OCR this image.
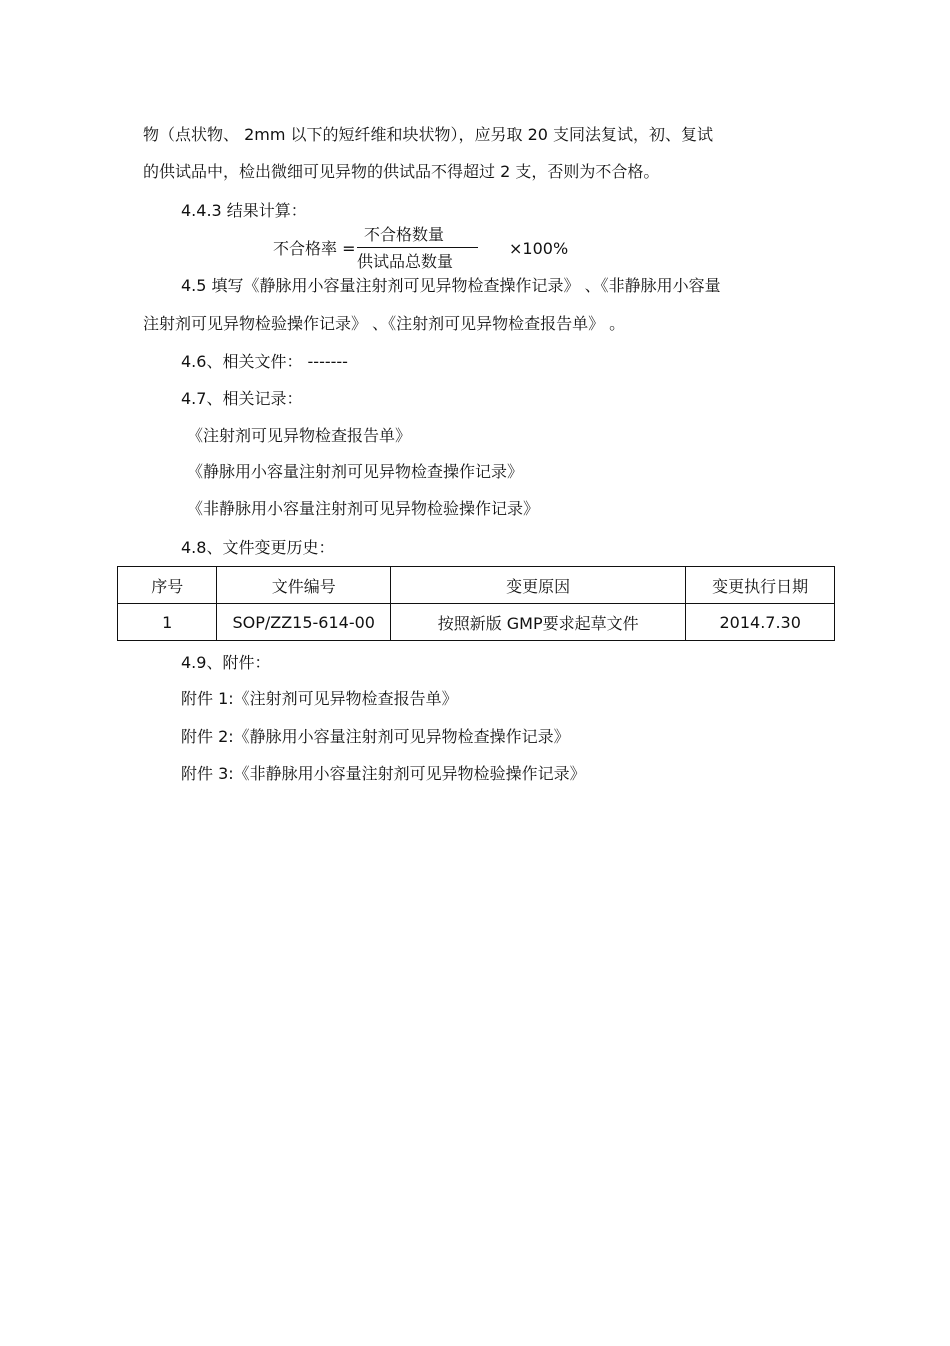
物（点状物、 2mm 以下的短纤维和块状物），应另取 20 支同法复试，初、复试
的供试品中，检出微细可见异物的供试品不得超过 2 支，否则为不合格。
4.4.3 结果计算：
不合格率 =
不合格数量
供试品总数量
×100%
4.5 填写《静脉用小容量注射剂可见异物检查操作记录》 、《非静脉用小容量
注射剂可见异物检验操作记录》 、《注射剂可见异物检查报告单》 。
4.6、相关文件： -------
4.7、相关记录：
《注射剂可见异物检查报告单》
《静脉用小容量注射剂可见异物检查操作记录》
《非静脉用小容量注射剂可见异物检验操作记录》
4.8、文件变更历史：
序号	文件编号	变更原因	变更执行日期
1	SOP/ZZ15-614-00	按照新版 GMP要求起草文件	2014.7.30
4.9、附件：
附件 1:《注射剂可见异物检查报告单》
附件 2:《静脉用小容量注射剂可见异物检查操作记录》
附件 3:《非静脉用小容量注射剂可见异物检验操作记录》
